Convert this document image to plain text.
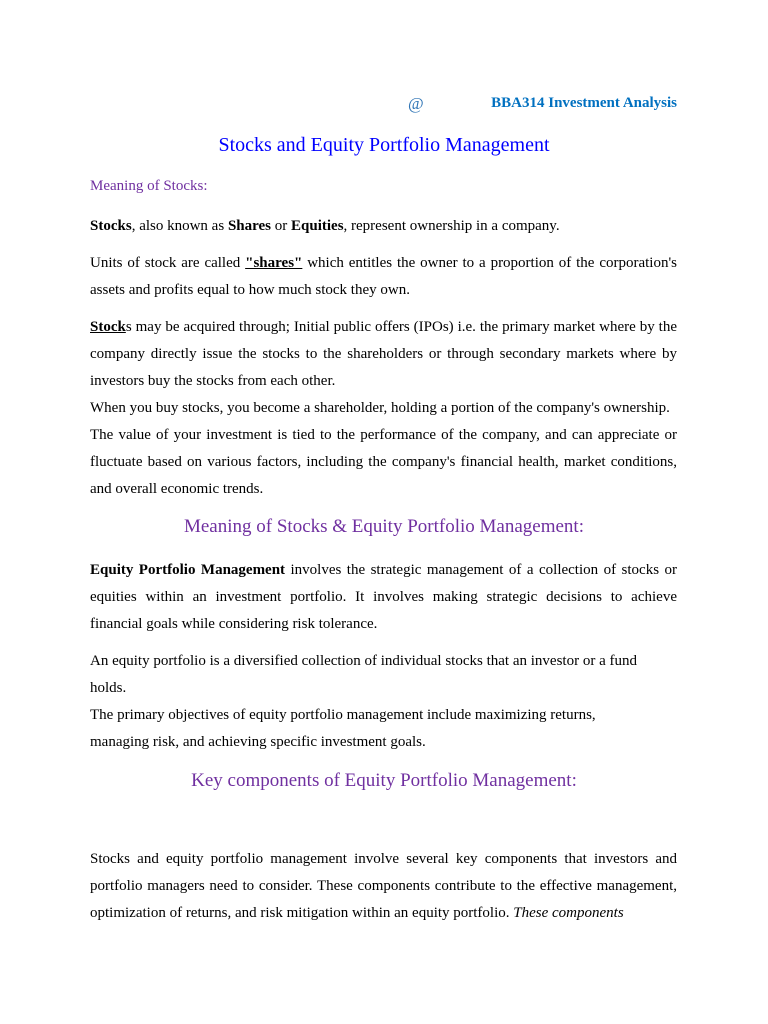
@	BBA314 Investment Analysis
Stocks and Equity Portfolio Management
Meaning of Stocks:

Stocks, also known as Shares or Equities, represent ownership in a company.

Units of stock are called "shares" which entitles the owner to a proportion of the corporation's assets and profits equal to how much stock they own.

Stocks may be acquired through; Initial public offers (IPOs) i.e. the primary market where by the company directly issue the stocks to the shareholders or through secondary markets where by investors buy the stocks from each other.

When you buy stocks, you become a shareholder, holding a portion of the company's ownership.

The value of your investment is tied to the performance of the company, and can appreciate or fluctuate based on various factors, including the company's financial health, market conditions, and overall economic trends.

Meaning of Stocks & Equity Portfolio Management:

Equity Portfolio Management involves the strategic management of a collection of stocks or equities within an investment portfolio. It involves making strategic decisions to achieve financial goals while considering risk tolerance.

An equity portfolio is a diversified collection of individual stocks that an investor or a fund holds.

The primary objectives of equity portfolio management include maximizing returns, managing risk, and achieving specific investment goals.

Key components of Equity Portfolio Management:

Stocks and equity portfolio management involve several key components that investors and portfolio managers need to consider. These components contribute to the effective management, optimization of returns, and risk mitigation within an equity portfolio. These components
